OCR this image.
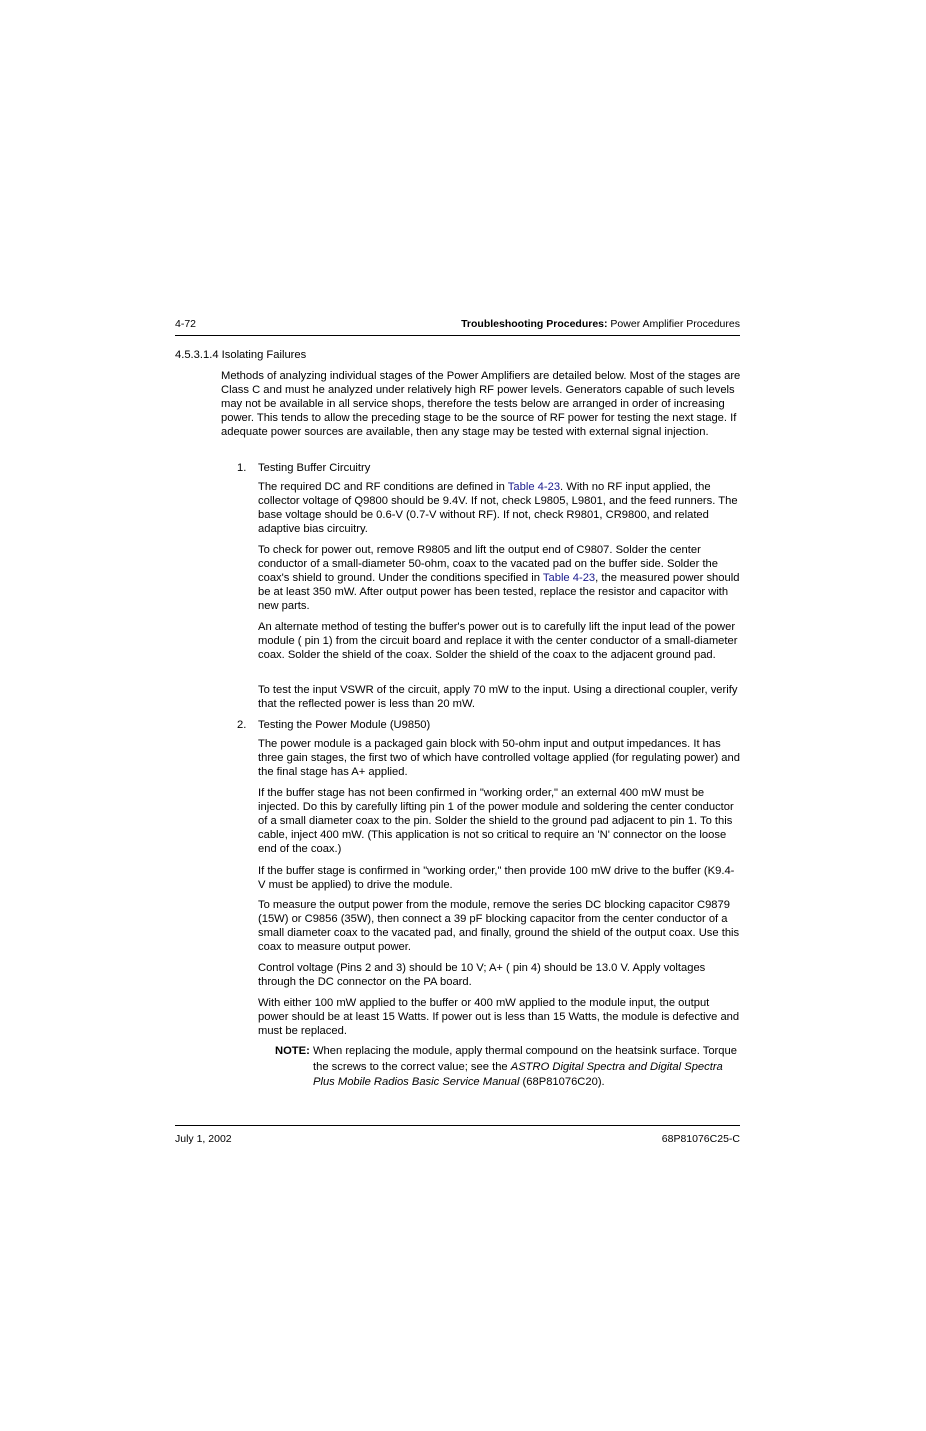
4-72	Troubleshooting Procedures: Power Amplifier Procedures
4.5.3.1.4 Isolating Failures

Methods of analyzing individual stages of the Power Amplifiers are detailed below. Most of the stages are Class C and must he analyzed under relatively high RF power levels. Generators capable of such levels may not be available in all service shops, therefore the tests below are arranged in order of increasing power. This tends to allow the preceding stage to be the source of RF power for testing the next stage. If adequate power sources are available, then any stage may be tested with external signal injection.

1. Testing Buffer Circuitry

The required DC and RF conditions are defined in Table 4-23. With no RF input applied, the collector voltage of Q9800 should be 9.4V. If not, check L9805, L9801, and the feed runners. The base voltage should be 0.6-V (0.7-V without RF). If not, check R9801, CR9800, and related adaptive bias circuitry.

To check for power out, remove R9805 and lift the output end of C9807. Solder the center conductor of a small-diameter 50-ohm, coax to the vacated pad on the buffer side. Solder the coax's shield to ground. Under the conditions specified in Table 4-23, the measured power should be at least 350 mW. After output power has been tested, replace the resistor and capacitor with new parts.

An alternate method of testing the buffer's power out is to carefully lift the input lead of the power module ( pin 1) from the circuit board and replace it with the center conductor of a small-diameter coax. Solder the shield of the coax. Solder the shield of the coax to the adjacent ground pad.

To test the input VSWR of the circuit, apply 70 mW to the input. Using a directional coupler, verify that the reflected power is less than 20 mW.

2. Testing the Power Module (U9850)

The power module is a packaged gain block with 50-ohm input and output impedances. It has three gain stages, the first two of which have controlled voltage applied (for regulating power) and the final stage has A+ applied.

If the buffer stage has not been confirmed in "working order," an external 400 mW must be injected. Do this by carefully lifting pin 1 of the power module and soldering the center conductor of a small diameter coax to the pin. Solder the shield to the ground pad adjacent to pin 1. To this cable, inject 400 mW. (This application is not so critical to require an 'N' connector on the loose end of the coax.)

If the buffer stage is confirmed in "working order," then provide 100 mW drive to the buffer (K9.4-V must be applied) to drive the module.

To measure the output power from the module, remove the series DC blocking capacitor C9879 (15W) or C9856 (35W), then connect a 39 pF blocking capacitor from the center conductor of a small diameter coax to the vacated pad, and finally, ground the shield of the output coax. Use this coax to measure output power.

Control voltage (Pins 2 and 3) should be 10 V; A+ ( pin 4) should be 13.0 V. Apply voltages through the DC connector on the PA board.

With either 100 mW applied to the buffer or 400 mW applied to the module input, the output power should be at least 15 Watts. If power out is less than 15 Watts, the module is defective and must be replaced.

NOTE: When replacing the module, apply thermal compound on the heatsink surface. Torque the screws to the correct value; see the ASTRO Digital Spectra and Digital Spectra Plus Mobile Radios Basic Service Manual (68P81076C20).
July 1, 2002	68P81076C25-C
